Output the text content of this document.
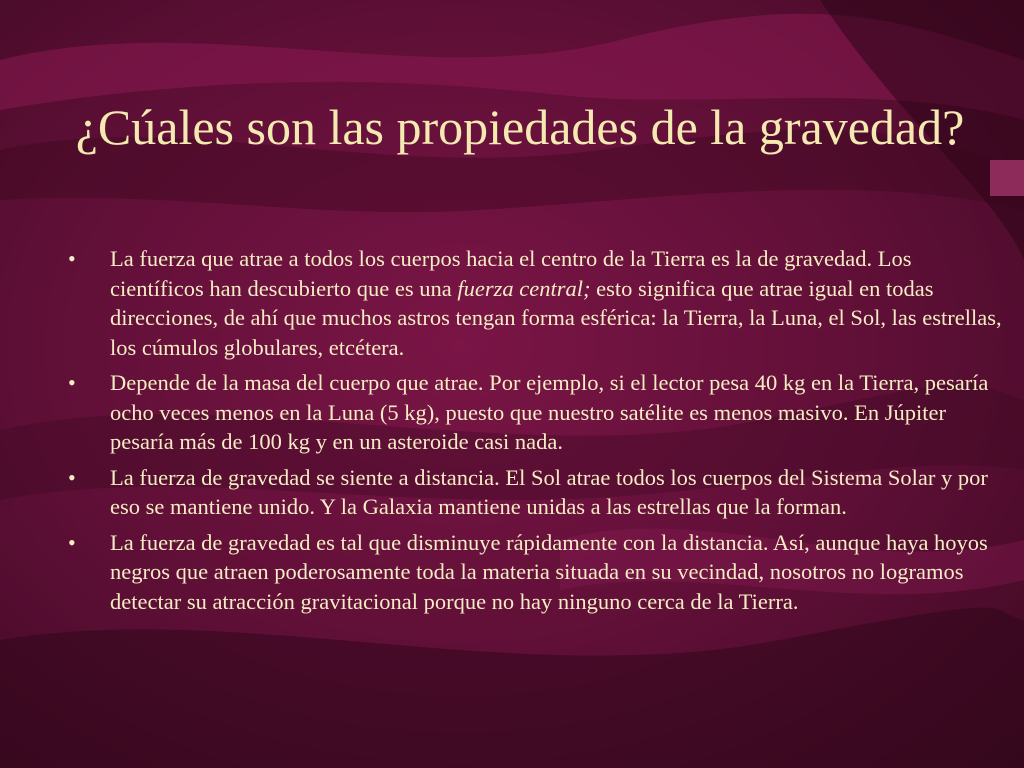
¿Cúales son las propiedades de la gravedad?
• La fuerza que atrae a todos los cuerpos hacia el centro de la Tierra es la de gravedad. Los científicos han descubierto que es una fuerza central; esto significa que atrae igual en todas direcciones, de ahí que muchos astros tengan forma esférica: la Tierra, la Luna, el Sol, las estrellas, los cúmulos globulares, etcétera.
• Depende de la masa del cuerpo que atrae. Por ejemplo, si el lector pesa 40 kg en la Tierra, pesaría ocho veces menos en la Luna (5 kg), puesto que nuestro satélite es menos masivo. En Júpiter pesaría más de 100 kg y en un asteroide casi nada.
• La fuerza de gravedad se siente a distancia. El Sol atrae todos los cuerpos del Sistema Solar y por eso se mantiene unido. Y la Galaxia mantiene unidas a las estrellas que la forman.
• La fuerza de gravedad es tal que disminuye rápidamente con la distancia. Así, aunque haya hoyos negros que atraen poderosamente toda la materia situada en su vecindad, nosotros no logramos detectar su atracción gravitacional porque no hay ninguno cerca de la Tierra.
